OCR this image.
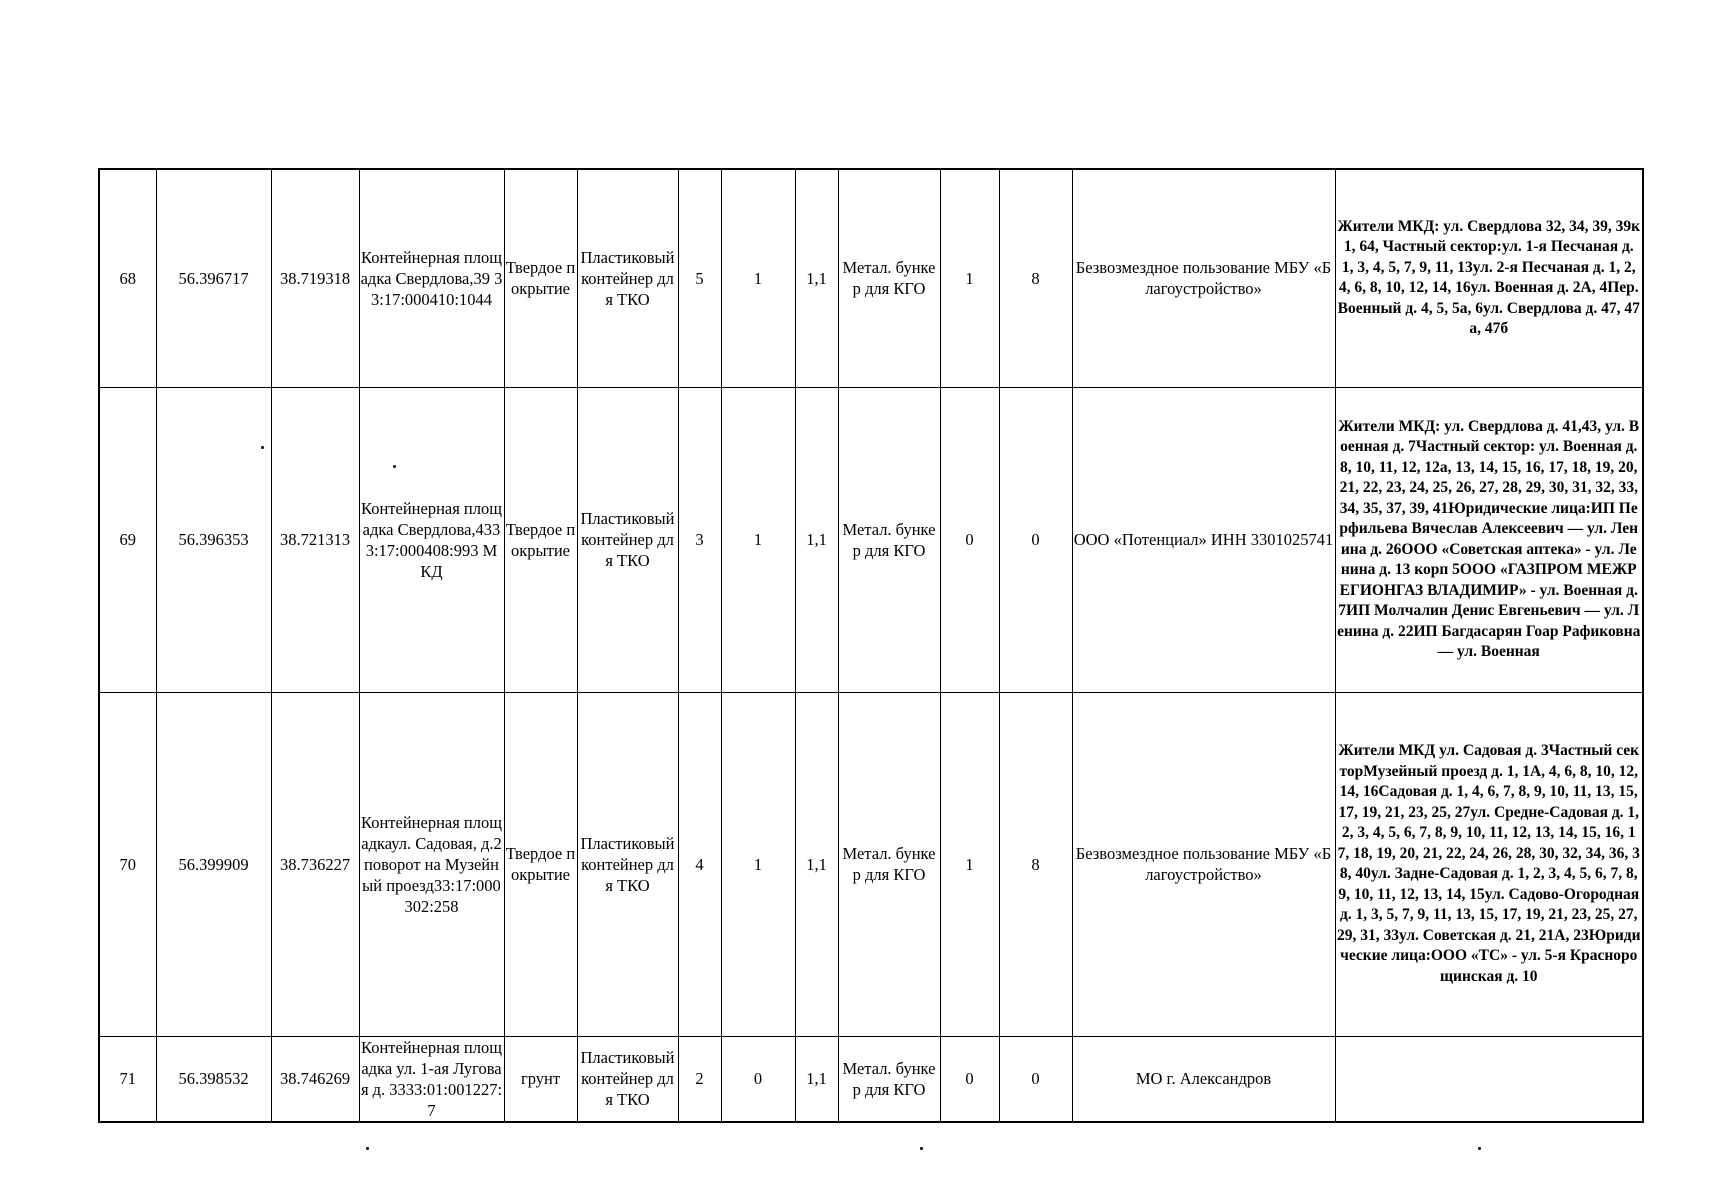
68	56.396717	38.719318	Контейнерная площадка Свердлова,39 33:17:000410:1044	Твердое покрытие	Пластиковый контейнер для ТКО	5	1	1,1	Метал. бункер для КГО	1	8	Безвозмездное пользование МБУ «Благоустройство»	Жители МКД: ул. Свердлова 32, 34, 39, 39к1, 64, Частный сектор:ул. 1-я Песчаная д. 1, 3, 4, 5, 7, 9, 11, 13ул. 2-я Песчаная д. 1, 2, 4, 6, 8, 10, 12, 14, 16ул. Военная д. 2А, 4Пер. Военный д. 4, 5, 5а, 6ул. Свердлова д. 47, 47а, 47б
69	56.396353	38.721313	Контейнерная площадка Свердлова,4333:17:000408:993 МКД	Твердое покрытие	Пластиковый контейнер для ТКО	3	1	1,1	Метал. бункер для КГО	0	0	ООО «Потенциал» ИНН 3301025741	Жители МКД: ул. Свердлова д. 41,43, ул. Военная д. 7Частный сектор: ул. Военная д. 8, 10, 11, 12, 12а, 13, 14, 15, 16, 17, 18, 19, 20, 21, 22, 23, 24, 25, 26, 27, 28, 29, 30, 31, 32, 33, 34, 35, 37, 39, 41Юридические лица:ИП Перфильева Вячеслав Алексеевич — ул. Ленина д. 26ООО «Советская аптека» - ул. Ленина д. 13 корп 5ООО «ГАЗПРОМ МЕЖРЕГИОНГАЗ ВЛАДИМИР» - ул. Военная д. 7ИП Молчалин Денис Евгеньевич — ул. Ленина д. 22ИП Багдасарян Гоар Рафиковна — ул. Военная
70	56.399909	38.736227	Контейнерная площадкаул. Садовая, д.2 поворот на Музейный проезд33:17:000302:258	Твердое покрытие	Пластиковый контейнер для ТКО	4	1	1,1	Метал. бункер для КГО	1	8	Безвозмездное пользование МБУ «Благоустройство»	Жители МКД ул. Садовая д. 3Частный секторМузейный проезд д. 1, 1А, 4, 6, 8, 10, 12, 14, 16Садовая д. 1, 4, 6, 7, 8, 9, 10, 11, 13, 15, 17, 19, 21, 23, 25, 27ул. Средне-Садовая д. 1, 2, 3, 4, 5, 6, 7, 8, 9, 10, 11, 12, 13, 14, 15, 16, 17, 18, 19, 20, 21, 22, 24, 26, 28, 30, 32, 34, 36, 38, 40ул. Задне-Садовая д. 1, 2, 3, 4, 5, 6, 7, 8, 9, 10, 11, 12, 13, 14, 15ул. Садово-Огородная д. 1, 3, 5, 7, 9, 11, 13, 15, 17, 19, 21, 23, 25, 27, 29, 31, 33ул. Советская д. 21, 21А, 23Юридические лица:ООО «ТС» - ул. 5-я Краснорощинская д. 10
71	56.398532	38.746269	Контейнерная площадка ул. 1-ая Луговая д. 3333:01:001227:7	грунт	Пластиковый контейнер для ТКО	2	0	1,1	Метал. бункер для КГО	0	0	МО г. Александров	
